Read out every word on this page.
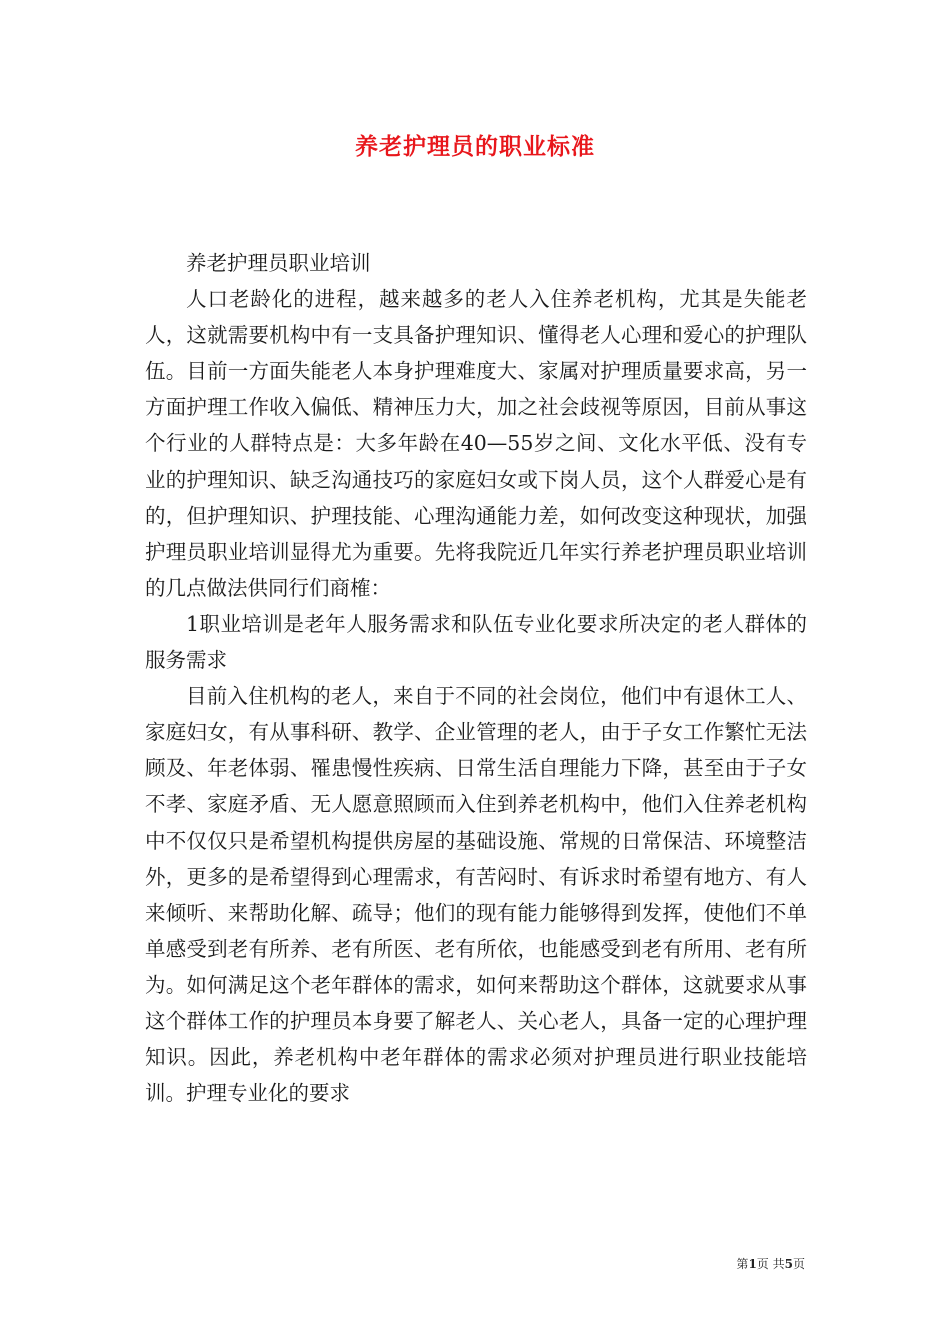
养老护理员的职业标准

养老护理员职业培训

人口老龄化的进程，越来越多的老人入住养老机构，尤其是失能老人，这就需要机构中有一支具备护理知识、懂得老人心理和爱心的护理队伍。目前一方面失能老人本身护理难度大、家属对护理质量要求高，另一方面护理工作收入偏低、精神压力大，加之社会歧视等原因，目前从事这个行业的人群特点是：大多年龄在40—55岁之间、文化水平低、没有专业的护理知识、缺乏沟通技巧的家庭妇女或下岗人员，这个人群爱心是有的，但护理知识、护理技能、心理沟通能力差，如何改变这种现状，加强护理员职业培训显得尤为重要。先将我院近几年实行养老护理员职业培训的几点做法供同行们商榷：

1职业培训是老年人服务需求和队伍专业化要求所决定的老人群体的服务需求

目前入住机构的老人，来自于不同的社会岗位，他们中有退休工人、家庭妇女，有从事科研、教学、企业管理的老人，由于子女工作繁忙无法顾及、年老体弱、罹患慢性疾病、日常生活自理能力下降，甚至由于子女不孝、家庭矛盾、无人愿意照顾而入住到养老机构中，他们入住养老机构中不仅仅只是希望机构提供房屋的基础设施、常规的日常保洁、环境整洁外，更多的是希望得到心理需求，有苦闷时、有诉求时希望有地方、有人来倾听、来帮助化解、疏导；他们的现有能力能够得到发挥，使他们不单单感受到老有所养、老有所医、老有所依，也能感受到老有所用、老有所为。如何满足这个老年群体的需求，如何来帮助这个群体，这就要求从事这个群体工作的护理员本身要了解老人、关心老人，具备一定的心理护理知识。因此，养老机构中老年群体的需求必须对护理员进行职业技能培训。护理专业化的要求

第1页 共5页
